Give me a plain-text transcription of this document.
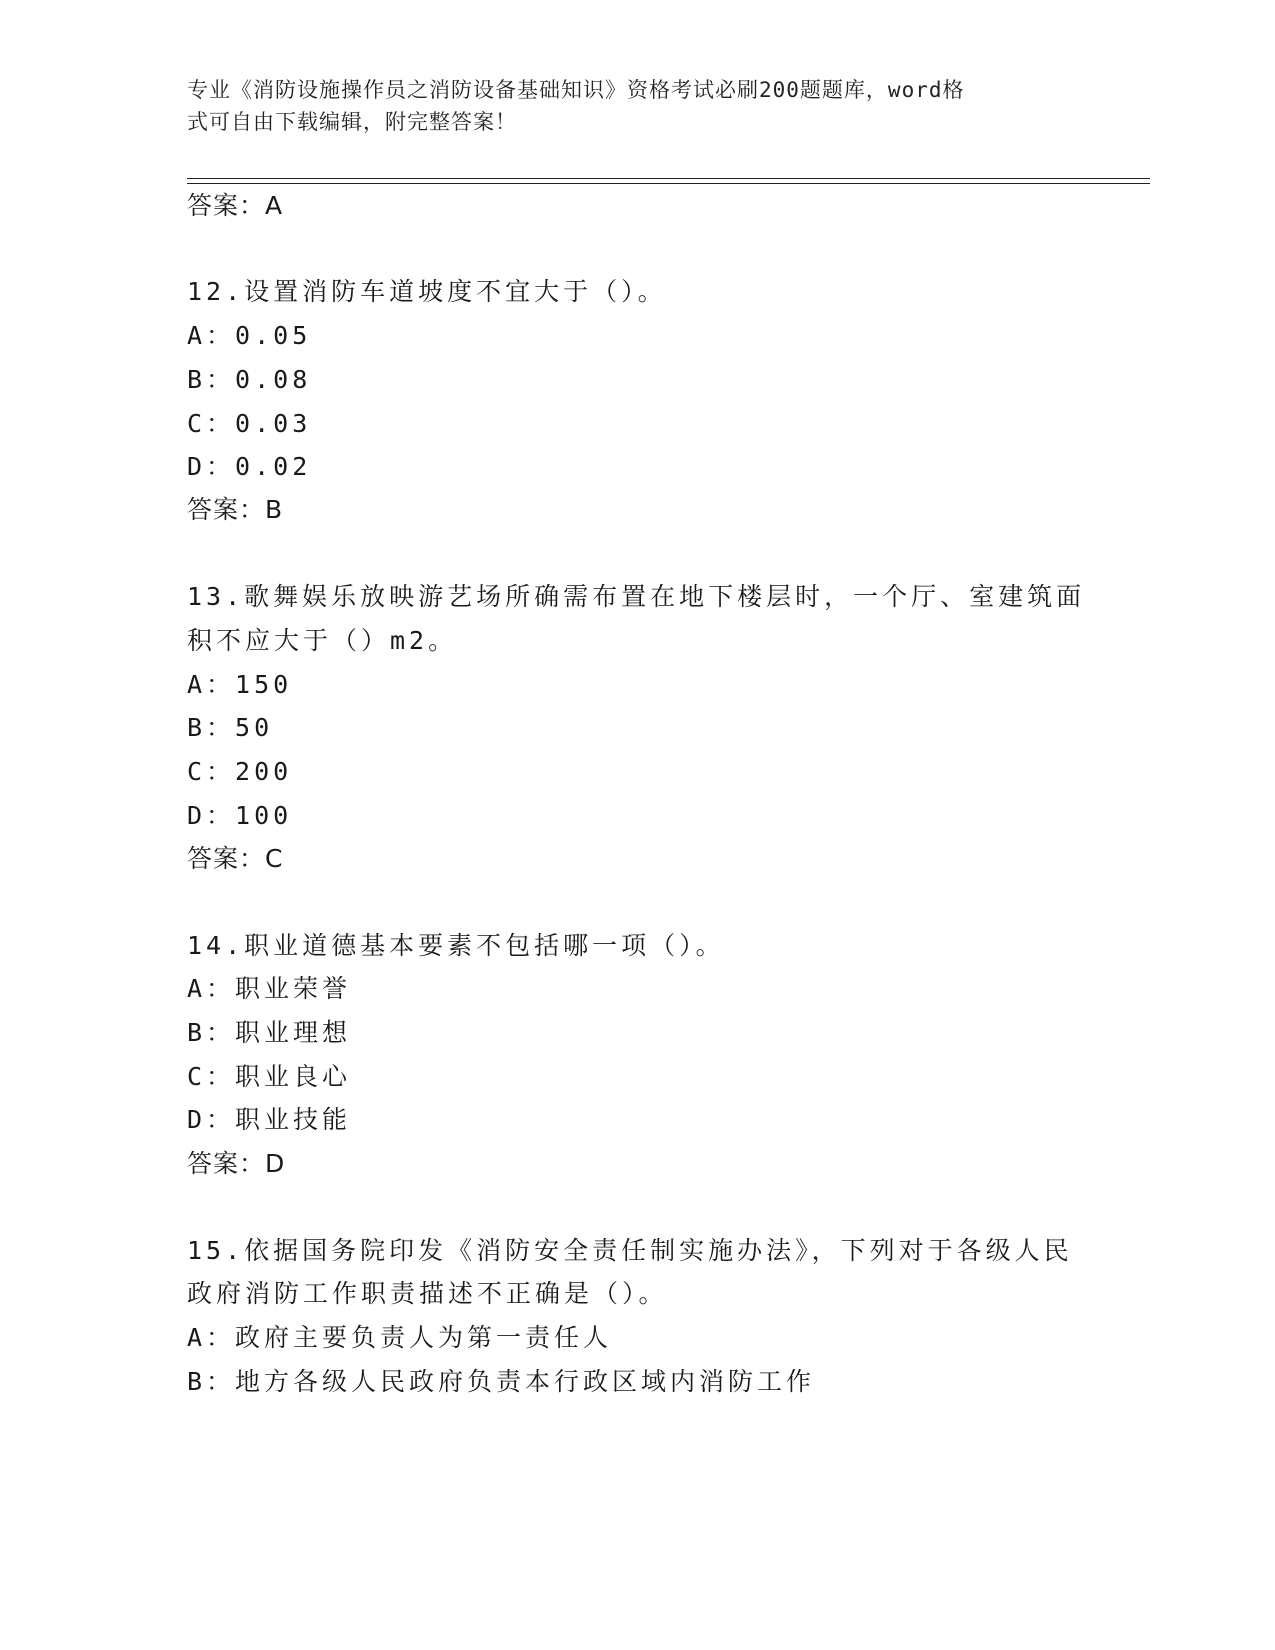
专业《消防设施操作员之消防设备基础知识》资格考试必刷200题题库，word格
式可自由下载编辑，附完整答案！
答案：A
12.设置消防车道坡度不宜大于（）。
A：0.05
B：0.08
C：0.03
D：0.02
答案：B
13.歌舞娱乐放映游艺场所确需布置在地下楼层时，一个厅、室建筑面
积不应大于（）m2。
A：150
B：50
C：200
D：100
答案：C
14.职业道德基本要素不包括哪一项（）。
A：职业荣誉
B：职业理想
C：职业良心
D：职业技能
答案：D
15.依据国务院印发《消防安全责任制实施办法》，下列对于各级人民
政府消防工作职责描述不正确是（）。
A：政府主要负责人为第一责任人
B：地方各级人民政府负责本行政区域内消防工作
